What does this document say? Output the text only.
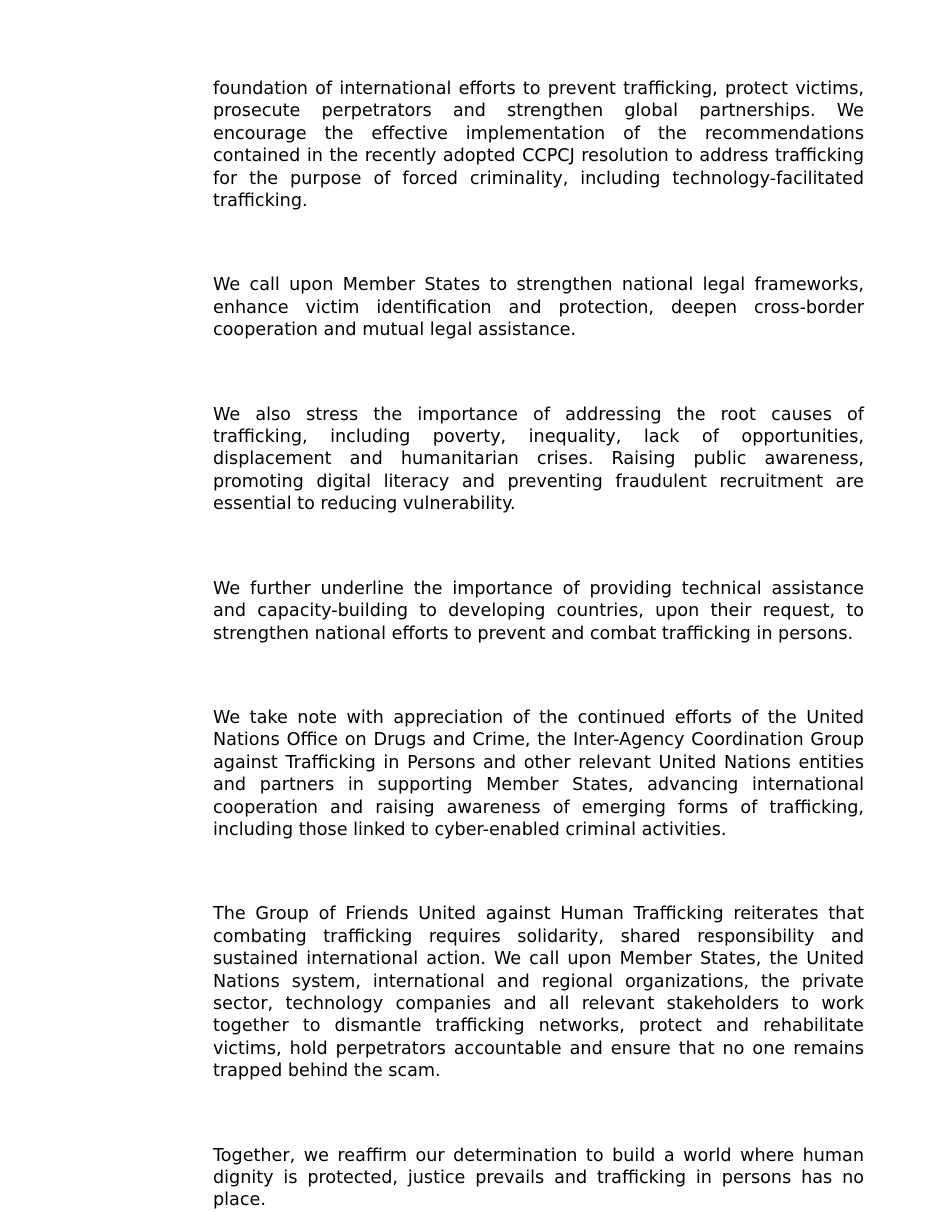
foundation of international efforts to prevent trafficking, protect victims, prosecute perpetrators and strengthen global partnerships. We encourage the effective implementation of the recommendations contained in the recently adopted CCPCJ resolution to address trafficking for the purpose of forced criminality, including technology-facilitated trafficking.

We call upon Member States to strengthen national legal frameworks, enhance victim identification and protection, deepen cross-border cooperation and mutual legal assistance.

We also stress the importance of addressing the root causes of trafficking, including poverty, inequality, lack of opportunities, displacement and humanitarian crises. Raising public awareness, promoting digital literacy and preventing fraudulent recruitment are essential to reducing vulnerability.

We further underline the importance of providing technical assistance and capacity-building to developing countries, upon their request, to strengthen national efforts to prevent and combat trafficking in persons.

We take note with appreciation of the continued efforts of the United Nations Office on Drugs and Crime, the Inter-Agency Coordination Group against Trafficking in Persons and other relevant United Nations entities and partners in supporting Member States, advancing international cooperation and raising awareness of emerging forms of trafficking, including those linked to cyber-enabled criminal activities.

The Group of Friends United against Human Trafficking reiterates that combating trafficking requires solidarity, shared responsibility and sustained international action. We call upon Member States, the United Nations system, international and regional organizations, the private sector, technology companies and all relevant stakeholders to work together to dismantle trafficking networks, protect and rehabilitate victims, hold perpetrators accountable and ensure that no one remains trapped behind the scam.

Together, we reaffirm our determination to build a world where human dignity is protected, justice prevails and trafficking in persons has no place.
